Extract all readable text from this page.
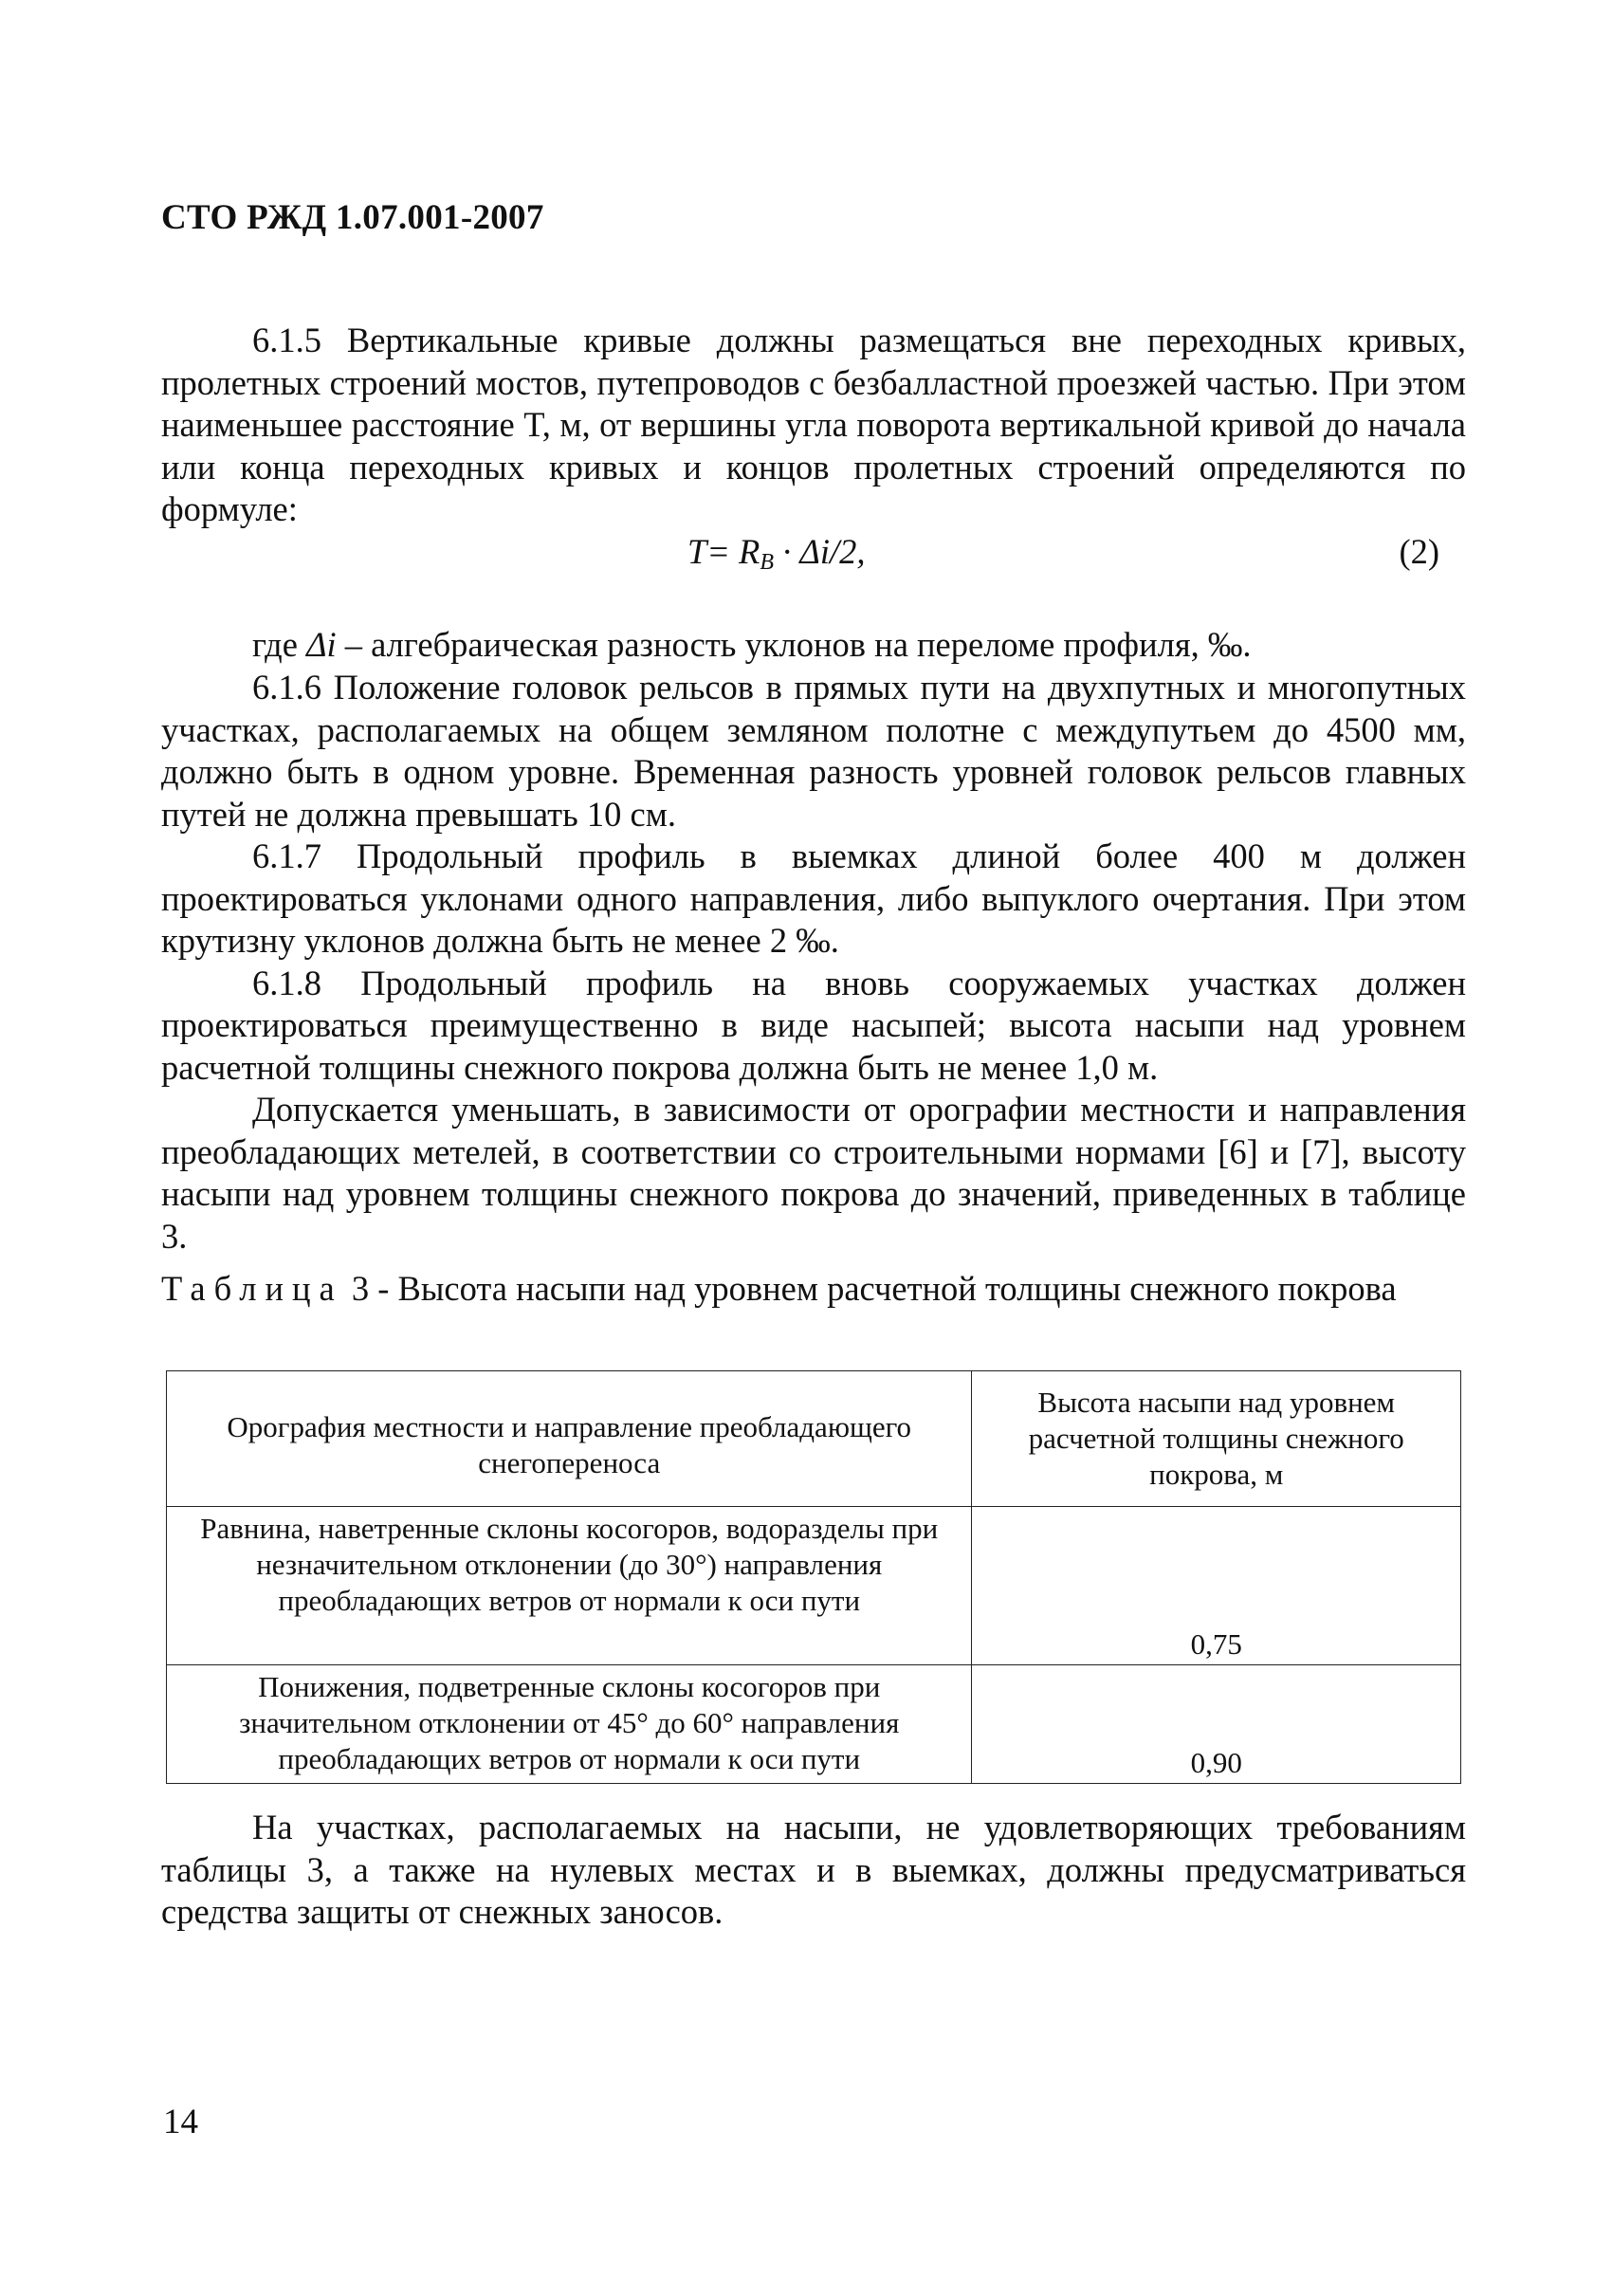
СТО РЖД 1.07.001-2007

6.1.5 Вертикальные кривые должны размещаться вне переходных кривых, пролетных строений мостов, путепроводов с безбалластной проезжей частью. При этом наименьшее расстояние T, м, от вершины угла поворота вертикальной кривой до начала или конца переходных кривых и концов пролетных строений определяются по формуле:

$T= R_B \cdot \Delta i/2$,	(2)
где Δi – алгебраическая разность уклонов на переломе профиля, ‰.

6.1.6 Положение головок рельсов в прямых пути на двухпутных и многопутных участках, располагаемых на общем земляном полотне с междупутьем до 4500 мм, должно быть в одном уровне. Временная разность уровней головок рельсов главных путей не должна превышать 10 см.

6.1.7 Продольный профиль в выемках длиной более 400 м должен проектироваться уклонами одного направления, либо выпуклого очертания. При этом крутизну уклонов должна быть не менее 2 ‰.

6.1.8 Продольный профиль на вновь сооружаемых участках должен проектироваться преимущественно в виде насыпей; высота насыпи над уровнем расчетной толщины снежного покрова должна быть не менее 1,0 м.

Допускается уменьшать, в зависимости от орографии местности и направления преобладающих метелей, в соответствии со строительными нормами [6] и [7], высоту насыпи над уровнем толщины снежного покрова до значений, приведенных в таблице 3.

Таблица 3 - Высота насыпи над уровнем расчетной толщины снежного покрова
Орография местности и направление преобладающего снегопереноса	Высота насыпи над уровнем расчетной толщины снежного покрова, м
Равнина, наветренные склоны косогоров, водоразделы при незначительном отклонении (до 30°) направления преобладающих ветров от нормали к оси пути	0,75
Понижения, подветренные склоны косогоров при значительном отклонении от 45° до 60° направления преобладающих ветров от нормали к оси пути	0,90

На участках, располагаемых на насыпи, не удовлетворяющих требованиям таблицы 3, а также на нулевых местах и в выемках, должны предусматриваться средства защиты от снежных заносов.

14
